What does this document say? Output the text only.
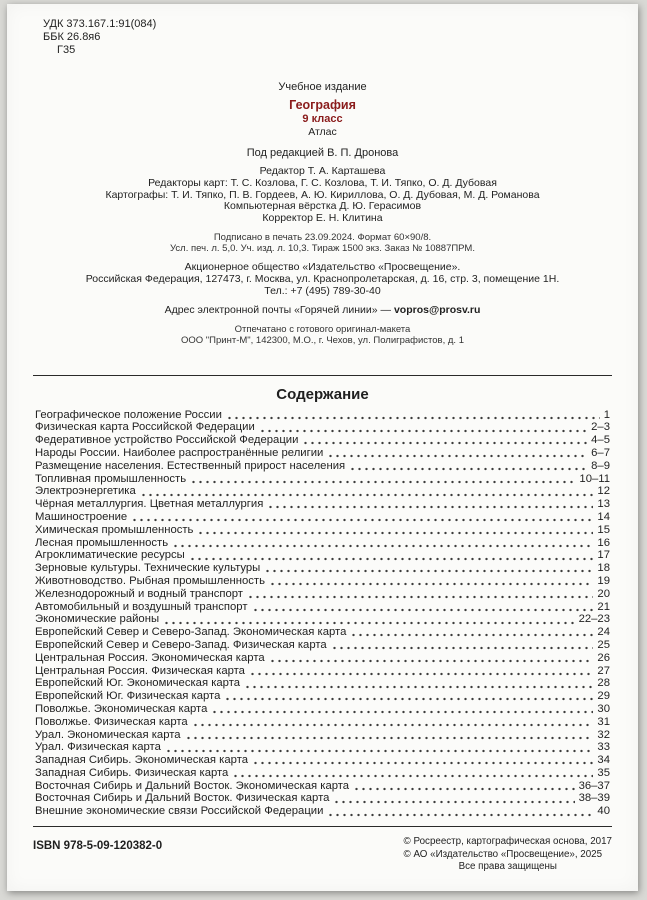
УДК 373.167.1:91(084)
ББК 26.8я6
Г35
Учебное издание
География
9 класс
Атлас
Под редакцией В. П. Дронова
Редактор Т. А. Карташева
Редакторы карт: Т. С. Козлова, Г. С. Козлова, Т. И. Тяпко, О. Д. Дубовая
Картографы: Т. И. Тяпко, П. В. Гордеев, А. Ю. Кириллова, О. Д. Дубовая, М. Д. Романова
Компьютерная вёрстка Д. Ю. Герасимов
Корректор Е. Н. Клитина
Подписано в печать 23.09.2024. Формат 60×90/8.
Усл. печ. л. 5,0. Уч. изд. л. 10,3. Тираж 1500 экз. Заказ № 10887ПРМ.
Акционерное общество «Издательство «Просвещение».
Российская Федерация, 127473, г. Москва, ул. Краснопролетарская, д. 16, стр. 3, помещение 1Н.
Тел.: +7 (495) 789-30-40
Адрес электронной почты «Горячей линии» — vopros@prosv.ru
Отпечатано с готового оригинал-макета
ООО "Принт-М", 142300, М.О., г. Чехов, ул. Полиграфистов, д. 1
Содержание
Географическое положение России	1
Физическая карта Российской Федерации	2–3
Федеративное устройство Российской Федерации	4–5
Народы России. Наиболее распространённые религии	6–7
Размещение населения. Естественный прирост населения	8–9
Топливная промышленность	10–11
Электроэнергетика	12
Чёрная металлургия. Цветная металлургия	13
Машиностроение	14
Химическая промышленность	15
Лесная промышленность	16
Агроклиматические ресурсы	17
Зерновые культуры. Технические культуры	18
Животноводство. Рыбная промышленность	19
Железнодорожный и водный транспорт	20
Автомобильный и воздушный транспорт	21
Экономические районы	22–23
Европейский Север и Северо-Запад. Экономическая карта	24
Европейский Север и Северо-Запад. Физическая карта	25
Центральная Россия. Экономическая карта	26
Центральная Россия. Физическая карта	27
Европейский Юг. Экономическая карта	28
Европейский Юг. Физическая карта	29
Поволжье. Экономическая карта	30
Поволжье. Физическая карта	31
Урал. Экономическая карта	32
Урал. Физическая карта	33
Западная Сибирь. Экономическая карта	34
Западная Сибирь. Физическая карта	35
Восточная Сибирь и Дальний Восток. Экономическая карта	36–37
Восточная Сибирь и Дальний Восток. Физическая карта	38–39
Внешние экономические связи Российской Федерации	40
ISBN 978-5-09-120382-0	© Росреестр, картографическая основа, 2017
© АО «Издательство «Просвещение», 2025
Все права защищены
